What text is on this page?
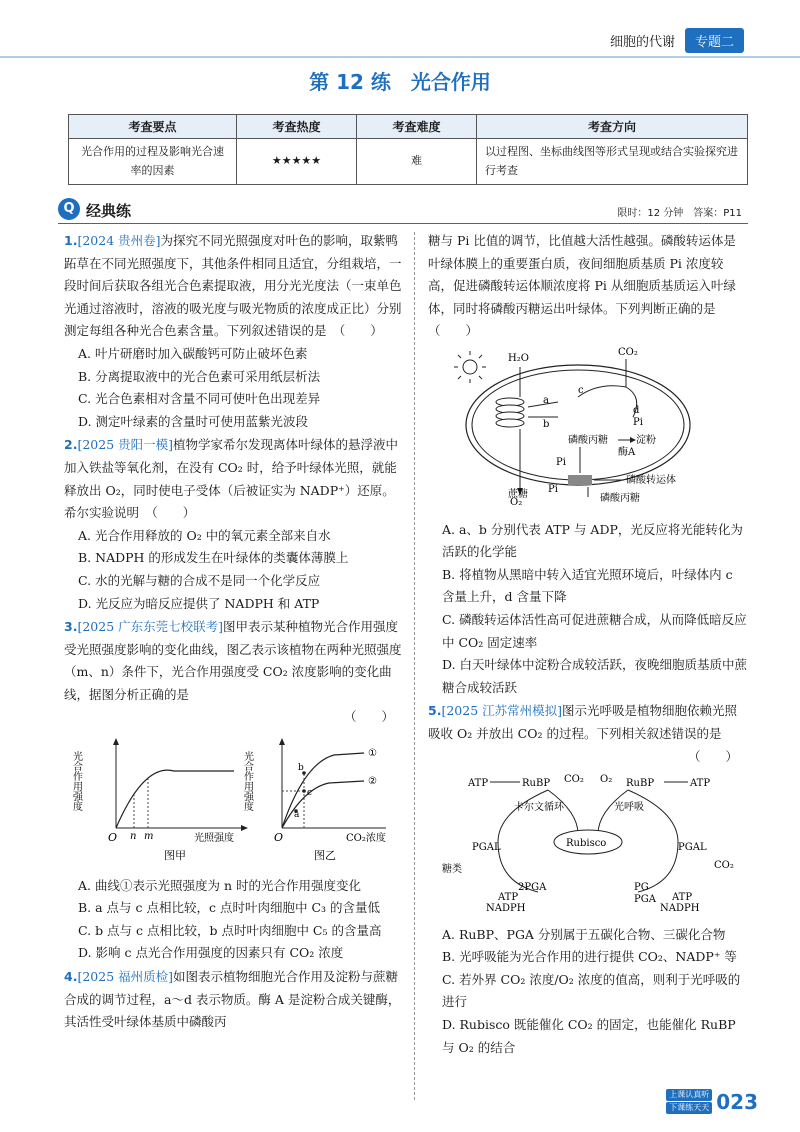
细胞的代谢	专题二
第 12 练　光合作用
考查要点	考查热度	考查难度	考查方向
光合作用的过程及影响光合速率的因素	★★★★★	难	以过程图、坐标曲线图等形式呈现或结合实验探究进行考查
Q 经典练	限时：12 分钟　答案：P11
1.[2024 贵州卷]为探究不同光照强度对叶色的影响，取紫鸭跖草在不同光照强度下，其他条件相同且适宜，分组栽培，一段时间后获取各组光合色素提取液，用分光光度法（一束单色光通过溶液时，溶液的吸光度与吸光物质的浓度成正比）分别测定每组各种光合色素含量。下列叙述错误的是　（　　）
A. 叶片研磨时加入碳酸钙可防止破坏色素
B. 分离提取液中的光合色素可采用纸层析法
C. 光合色素相对含量不同可使叶色出现差异
D. 测定叶绿素的含量时可使用蓝紫光波段
2.[2025 贵阳一模]植物学家希尔发现离体叶绿体的悬浮液中加入铁盐等氧化剂，在没有 CO₂ 时，给予叶绿体光照，就能释放出 O₂，同时使电子受体（后被证实为 NADP⁺）还原。希尔实验说明　（　　）
A. 光合作用释放的 O₂ 中的氧元素全部来自水
B. NADPH 的形成发生在叶绿体的类囊体薄膜上
C. 水的光解与糖的合成不是同一个化学反应
D. 光反应为暗反应提供了 NADPH 和 ATP
3.[2025 广东东莞七校联考]图甲表示某种植物光合作用强度受光照强度影响的变化曲线，图乙表示该植物在两种光照强度（m、n）条件下，光合作用强度受 CO₂ 浓度影响的变化曲线，据图分析正确的是
（　　）
光合作用强度
O n m	光照强度
图甲
光合作用强度
O
a
b
c
①
②
CO₂浓度
图乙
A. 曲线①表示光照强度为 n 时的光合作用强度变化
B. a 点与 c 点相比较，c 点时叶肉细胞中 C₃ 的含量低
C. b 点与 c 点相比较，b 点时叶肉细胞中 C₅ 的含量高
D. 影响 c 点光合作用强度的因素只有 CO₂ 浓度
4.[2025 福州质检]如图表示植物细胞光合作用及淀粉与蔗糖合成的调节过程，a～d 表示物质。酶 A 是淀粉合成关键酶，其活性受叶绿体基质中磷酸丙
糖与 Pi 比值的调节，比值越大活性越强。磷酸转运体是叶绿体膜上的重要蛋白质，夜间细胞质基质 Pi 浓度较高，促进磷酸转运体顺浓度将 Pi 从细胞质基质运入叶绿体，同时将磷酸丙糖运出叶绿体。下列判断正确的是　（　　）
H₂O
O₂
CO₂
a
b
c
d
磷酸丙糖	淀粉
酶A
Pi
Pi
Pi
磷酸转运体
蔗糖	磷酸丙糖
A. a、b 分别代表 ATP 与 ADP，光反应将光能转化为活跃的化学能
B. 将植物从黑暗中转入适宜光照环境后，叶绿体内 c 含量上升，d 含量下降
C. 磷酸转运体活性高可促进蔗糖合成，从而降低暗反应中 CO₂ 固定速率
D. 白天叶绿体中淀粉合成较活跃，夜晚细胞质基质中蔗糖合成较活跃
5.[2025 江苏常州模拟]图示光呼吸是植物细胞依赖光照吸收 O₂ 并放出 CO₂ 的过程。下列相关叙述错误的是
（　　）
ATP	RuBP CO₂ O₂ RuBP	ATP
Rubisco
卡尔文循环	光呼吸
PGAL	PGAL
糖类	CO₂
2PGA
ATP
NADPH
PG
PGA ATP
NADPH
A. RuBP、PGA 分别属于五碳化合物、三碳化合物
B. 光呼吸能为光合作用的进行提供 CO₂、NADP⁺ 等
C. 若外界 CO₂ 浓度/O₂ 浓度的值高，则利于光呼吸的进行
D. Rubisco 既能催化 CO₂ 的固定，也能催化 RuBP 与 O₂ 的结合
上课认真听
下课练天天 023
